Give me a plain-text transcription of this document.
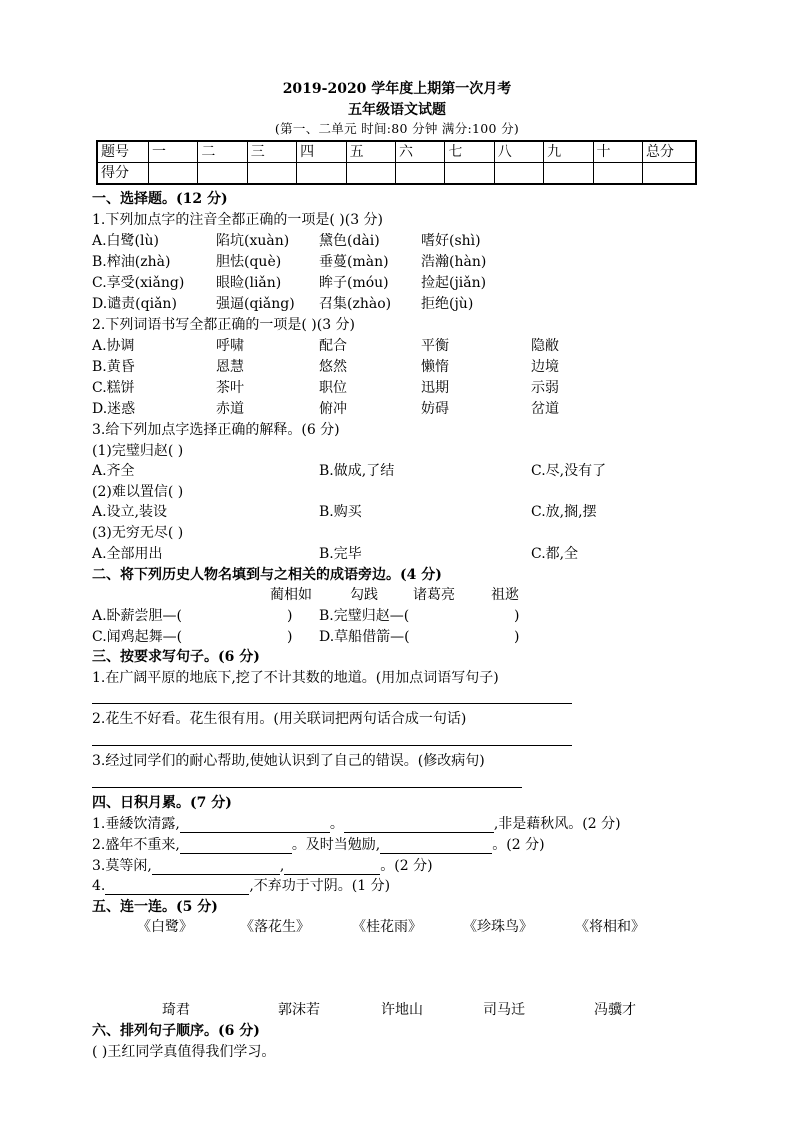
2019-2020 学年度上期第一次月考
五年级语文试题
(第一、二单元 时间:80 分钟 满分:100 分)
题号	一	二	三	四	五	六	七	八	九	十	总分
得分											
一、选择题。(12 分)
1.下列加点字的注音全都正确的一项是( )(3 分)
A.白鹭(lù)	陷坑(xuàn) 黛色(dài)	嗜好(shì)
B.榨油(zhà)	胆怯(què)	垂蔓(màn) 浩瀚(hàn)
C.享受(xiǎng) 眼睑(liǎn)	眸子(móu) 捡起(jiǎn)
D.谴责(qiǎn)	强逼(qiǎng) 召集(zhào) 拒绝(jù)
2.下列词语书写全都正确的一项是( )(3 分)
A.协调	呼啸	配合	平衡	隐敝
B.黄昏	恩慧	悠然	懒惰	边境
C.糕饼	茶叶	职位	迅期	示弱
D.迷惑	赤道	俯冲	妨碍	岔道
3.给下列加点字选择正确的解释。(6 分)
(1)完璧归赵( )
A.齐全	B.做成,了结	C.尽,没有了
(2)难以置信( )
A.设立,装设	B.购买	C.放,搁,摆
(3)无穷无尽( )
A.全部用出	B.完毕	C.都,全
二、将下列历史人物名填到与之相关的成语旁边。(4 分)
蔺相如	勾践	诸葛亮	祖逖
A.卧薪尝胆—(	) B.完璧归赵—(	)
C.闻鸡起舞—(	) D.草船借箭—(	)
三、按要求写句子。(6 分)
1.在广阔平原的地底下,挖了不计其数的地道。(用加点词语写句子)
2.花生不好看。花生很有用。(用关联词把两句话合成一句话)
3.经过同学们的耐心帮助,使她认识到了自己的错误。(修改病句)
四、日积月累。(7 分)
1.垂緌饮清露,	。	,非是藉秋风。(2 分)
2.盛年不重来,	。及时当勉励,	。(2 分)
3.莫等闲,	,	。(2 分)
4.	,不弃功于寸阴。(1 分)
五、连一连。(5 分)
《白鹭》	《落花生》	《桂花雨》	《珍珠鸟》	《将相和》
琦君	郭沫若	许地山	司马迁	冯骥才
六、排列句子顺序。(6 分)
( )王红同学真值得我们学习。
